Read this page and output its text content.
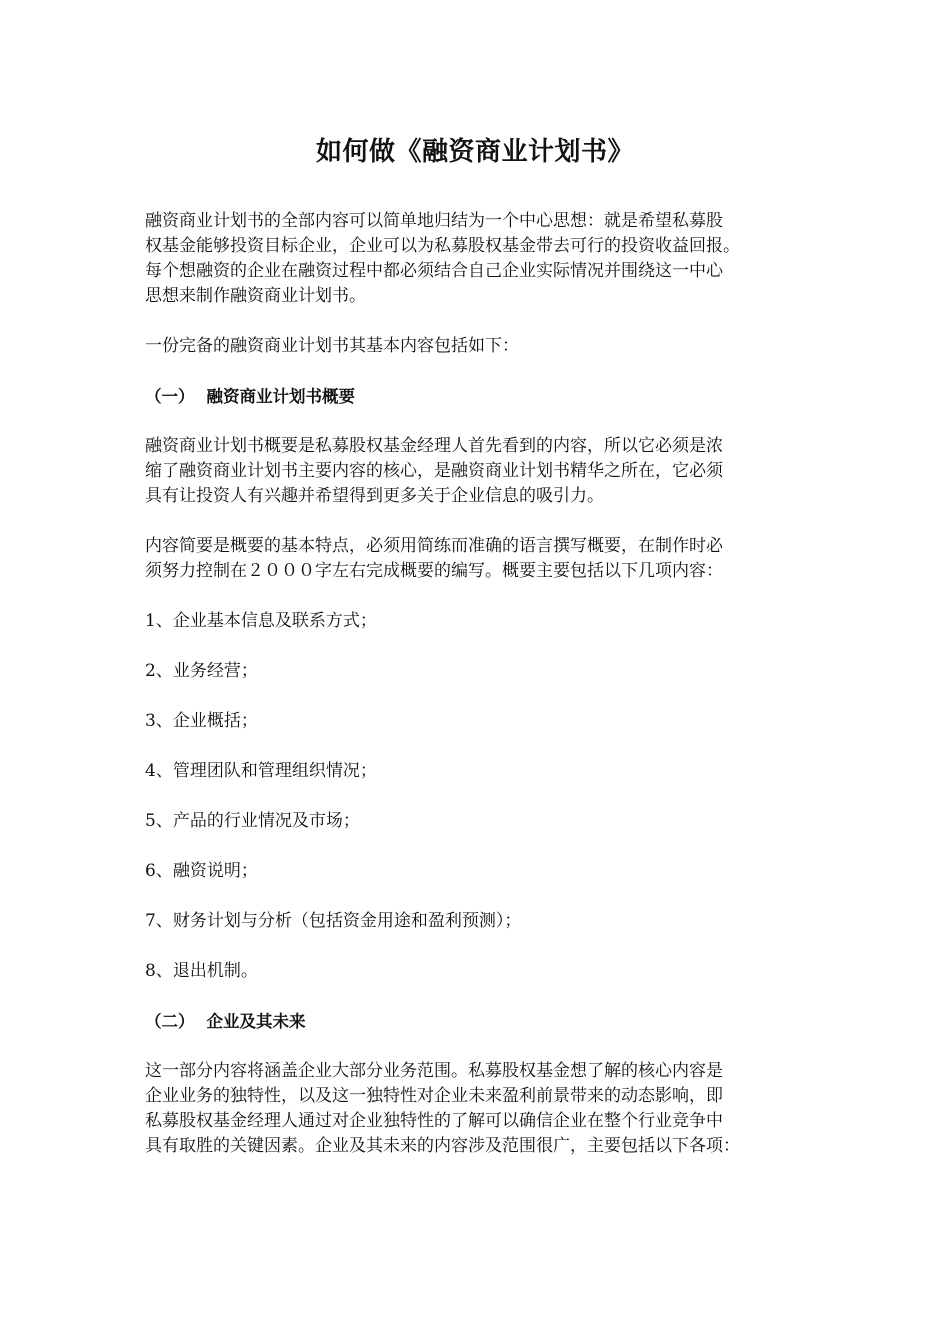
如何做《融资商业计划书》

融资商业计划书的全部内容可以简单地归结为一个中心思想：就是希望私募股
权基金能够投资目标企业，企业可以为私募股权基金带去可行的投资收益回报。
每个想融资的企业在融资过程中都必须结合自己企业实际情况并围绕这一中心
思想来制作融资商业计划书。

一份完备的融资商业计划书其基本内容包括如下：

（一） 融资商业计划书概要

融资商业计划书概要是私募股权基金经理人首先看到的内容，所以它必须是浓
缩了融资商业计划书主要内容的核心，是融资商业计划书精华之所在，它必须
具有让投资人有兴趣并希望得到更多关于企业信息的吸引力。

内容简要是概要的基本特点，必须用简练而准确的语言撰写概要，在制作时必
须努力控制在２０００字左右完成概要的编写。概要主要包括以下几项内容：

1、企业基本信息及联系方式；

2、业务经营；

3、企业概括；

4、管理团队和管理组织情况；

5、产品的行业情况及市场；

6、融资说明；

7、财务计划与分析（包括资金用途和盈利预测）；

8、退出机制。

（二） 企业及其未来

这一部分内容将涵盖企业大部分业务范围。私募股权基金想了解的核心内容是
企业业务的独特性，以及这一独特性对企业未来盈利前景带来的动态影响，即
私募股权基金经理人通过对企业独特性的了解可以确信企业在整个行业竞争中
具有取胜的关键因素。企业及其未来的内容涉及范围很广，主要包括以下各项：
